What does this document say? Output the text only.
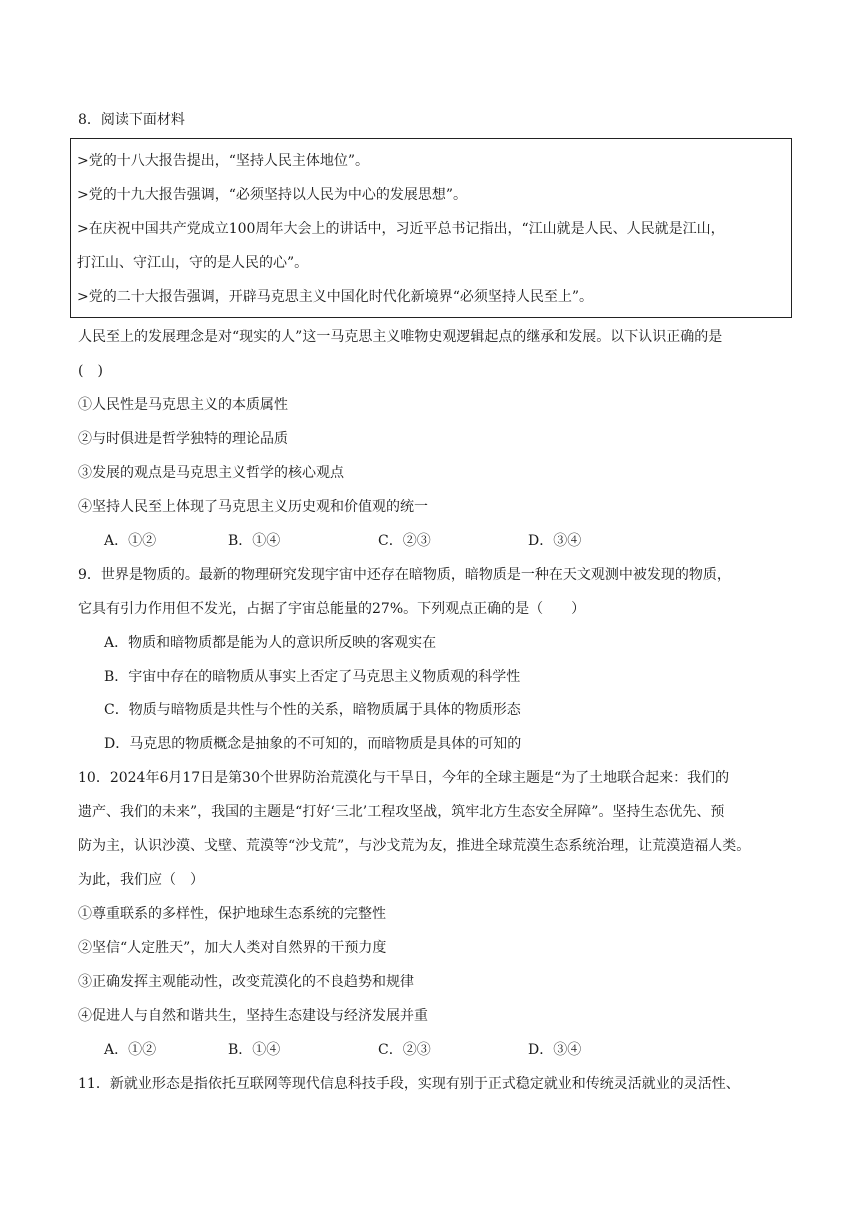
8．阅读下面材料
>党的十八大报告提出，“坚持人民主体地位”。
>党的十九大报告强调，“必须坚持以人民为中心的发展思想”。
>在庆祝中国共产党成立100周年大会上的讲话中，习近平总书记指出，“江山就是人民、人民就是江山，
打江山、守江山，守的是人民的心”。
>党的二十大报告强调，开辟马克思主义中国化时代化新境界“必须坚持人民至上”。
人民至上的发展理念是对“现实的人”这一马克思主义唯物史观逻辑起点的继承和发展。以下认识正确的是
(　)
①人民性是马克思主义的本质属性
②与时俱进是哲学独特的理论品质
③发展的观点是马克思主义哲学的核心观点
④坚持人民至上体现了马克思主义历史观和价值观的统一
A．①②	B．①④	C．②③	D．③④
9．世界是物质的。最新的物理研究发现宇宙中还存在暗物质，暗物质是一种在天文观测中被发现的物质，
它具有引力作用但不发光，占据了宇宙总能量的27%。下列观点正确的是（　　）
A．物质和暗物质都是能为人的意识所反映的客观实在
B．宇宙中存在的暗物质从事实上否定了马克思主义物质观的科学性
C．物质与暗物质是共性与个性的关系，暗物质属于具体的物质形态
D．马克思的物质概念是抽象的不可知的，而暗物质是具体的可知的
10．2024年6月17日是第30个世界防治荒漠化与干旱日，今年的全球主题是“为了土地联合起来：我们的
遗产、我们的未来”，我国的主题是“打好‘三北’工程攻坚战，筑牢北方生态安全屏障”。坚持生态优先、预
防为主，认识沙漠、戈壁、荒漠等“沙戈荒”，与沙戈荒为友，推进全球荒漠生态系统治理，让荒漠造福人类。
为此，我们应（　）
①尊重联系的多样性，保护地球生态系统的完整性
②坚信“人定胜天”，加大人类对自然界的干预力度
③正确发挥主观能动性，改变荒漠化的不良趋势和规律
④促进人与自然和谐共生，坚持生态建设与经济发展并重
A．①②	B．①④	C．②③	D．③④
11．新就业形态是指依托互联网等现代信息科技手段，实现有别于正式稳定就业和传统灵活就业的灵活性、
